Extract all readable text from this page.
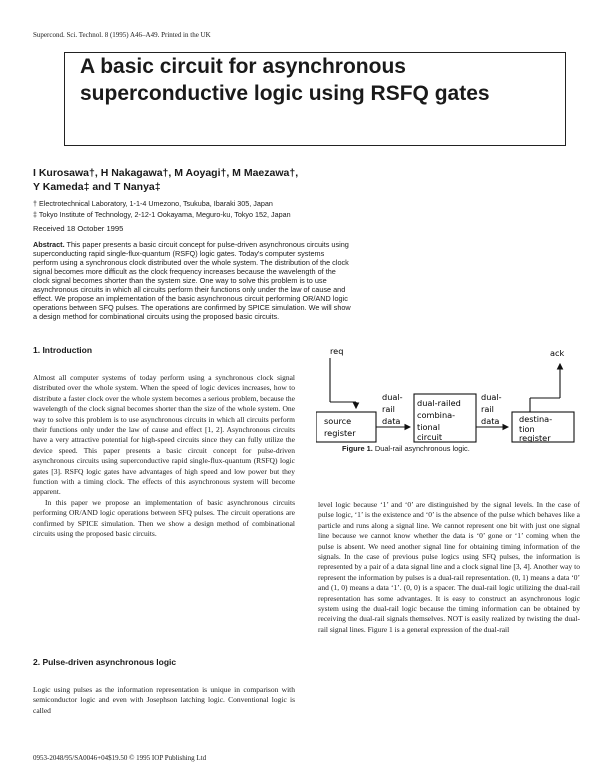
Supercond. Sci. Technol. 8 (1995) A46–A49. Printed in the UK
A basic circuit for asynchronous superconductive logic using RSFQ gates
I Kurosawa†, H Nakagawa†, M Aoyagi†, M Maezawa†,
Y Kameda‡ and T Nanya‡
† Electrotechnical Laboratory, 1-1-4 Umezono, Tsukuba, Ibaraki 305, Japan
‡ Tokyo Institute of Technology, 2-12-1 Ookayama, Meguro-ku, Tokyo 152, Japan
Received 18 October 1995
Abstract. This paper presents a basic circuit concept for pulse-driven asynchronous circuits using superconducting rapid single-flux-quantum (RSFQ) logic gates. Today's computer systems perform using a synchronous clock distributed over the whole system. The distribution of the clock signal becomes more difficult as the clock frequency increases because the wavelength of the clock signal becomes shorter than the system size. One way to solve this problem is to use asynchronous circuits in which all circuits perform their functions only under the law of cause and effect. We propose an implementation of the basic asynchronous circuit performing OR/AND logic operations between SFQ pulses. The operations are confirmed by SPICE simulation. We will show a design method for combinational circuits using the proposed basic circuits.
1. Introduction

Almost all computer systems of today perform using a synchronous clock signal distributed over the whole system. When the speed of logic devices increases, how to distribute a faster clock over the whole system becomes a serious problem, because the wavelength of the clock signal becomes shorter than the size of the whole system. One way to solve this problem is to use asynchronous circuits in which all circuits perform their functions only under the law of cause and effect [1, 2]. Asynchronous circuits have a very attractive potential for high-speed circuits since they can fully utilize the device speed. This paper presents a basic circuit concept for pulse-driven asynchronous circuits using superconductive rapid single-flux-quantum (RSFQ) logic gates [3]. RSFQ logic gates have advantages of high speed and low power but they function with a timing clock. The effects of this asynchronous system will become apparent.

In this paper we propose an implementation of basic asynchronous circuits performing OR/AND logic operations between SFQ pulses. The circuit operations are confirmed by SPICE simulation. Then we show a design method of combinational circuits using the proposed basic circuits.

2. Pulse-driven asynchronous logic

Logic using pulses as the information representation is unique in comparison with semiconductor logic and even with Josephson latching logic. Conventional logic is called

req
source
register
dual-
rail
data
dual-railed
combina-
tional
circuit
dual-
rail
data destina-
tion
register
ack
Figure 1. Dual-rail asynchronous logic.

level logic because ‘1’ and ‘0’ are distinguished by the signal levels. In the case of pulse logic, ‘1’ is the existence and ‘0’ is the absence of the pulse which behaves like a particle and runs along a signal line. We cannot represent one bit with just one signal line because we cannot know whether the data is ‘0’ gone or ‘1’ coming when the pulse is absent. We need another signal line for obtaining timing information of the signals. In the case of previous pulse logics using SFQ pulses, the information is represented by a pair of a data signal line and a clock signal line [3, 4]. Another way to represent the information by pulses is a dual-rail representation. (0, 1) means a data ‘0’ and (1, 0) means a data ‘1’. (0, 0) is a spacer. The dual-rail logic utilizing the dual-rail representation has some advantages. It is easy to construct an asynchronous logic system using the dual-rail logic because the timing information can be obtained by receiving the dual-rail signals themselves. NOT is easily realized by twisting the dual-rail signal lines. Figure 1 is a general expression of the dual-rail

0953-2048/95/SA0046+04$19.50 © 1995 IOP Publishing Ltd
